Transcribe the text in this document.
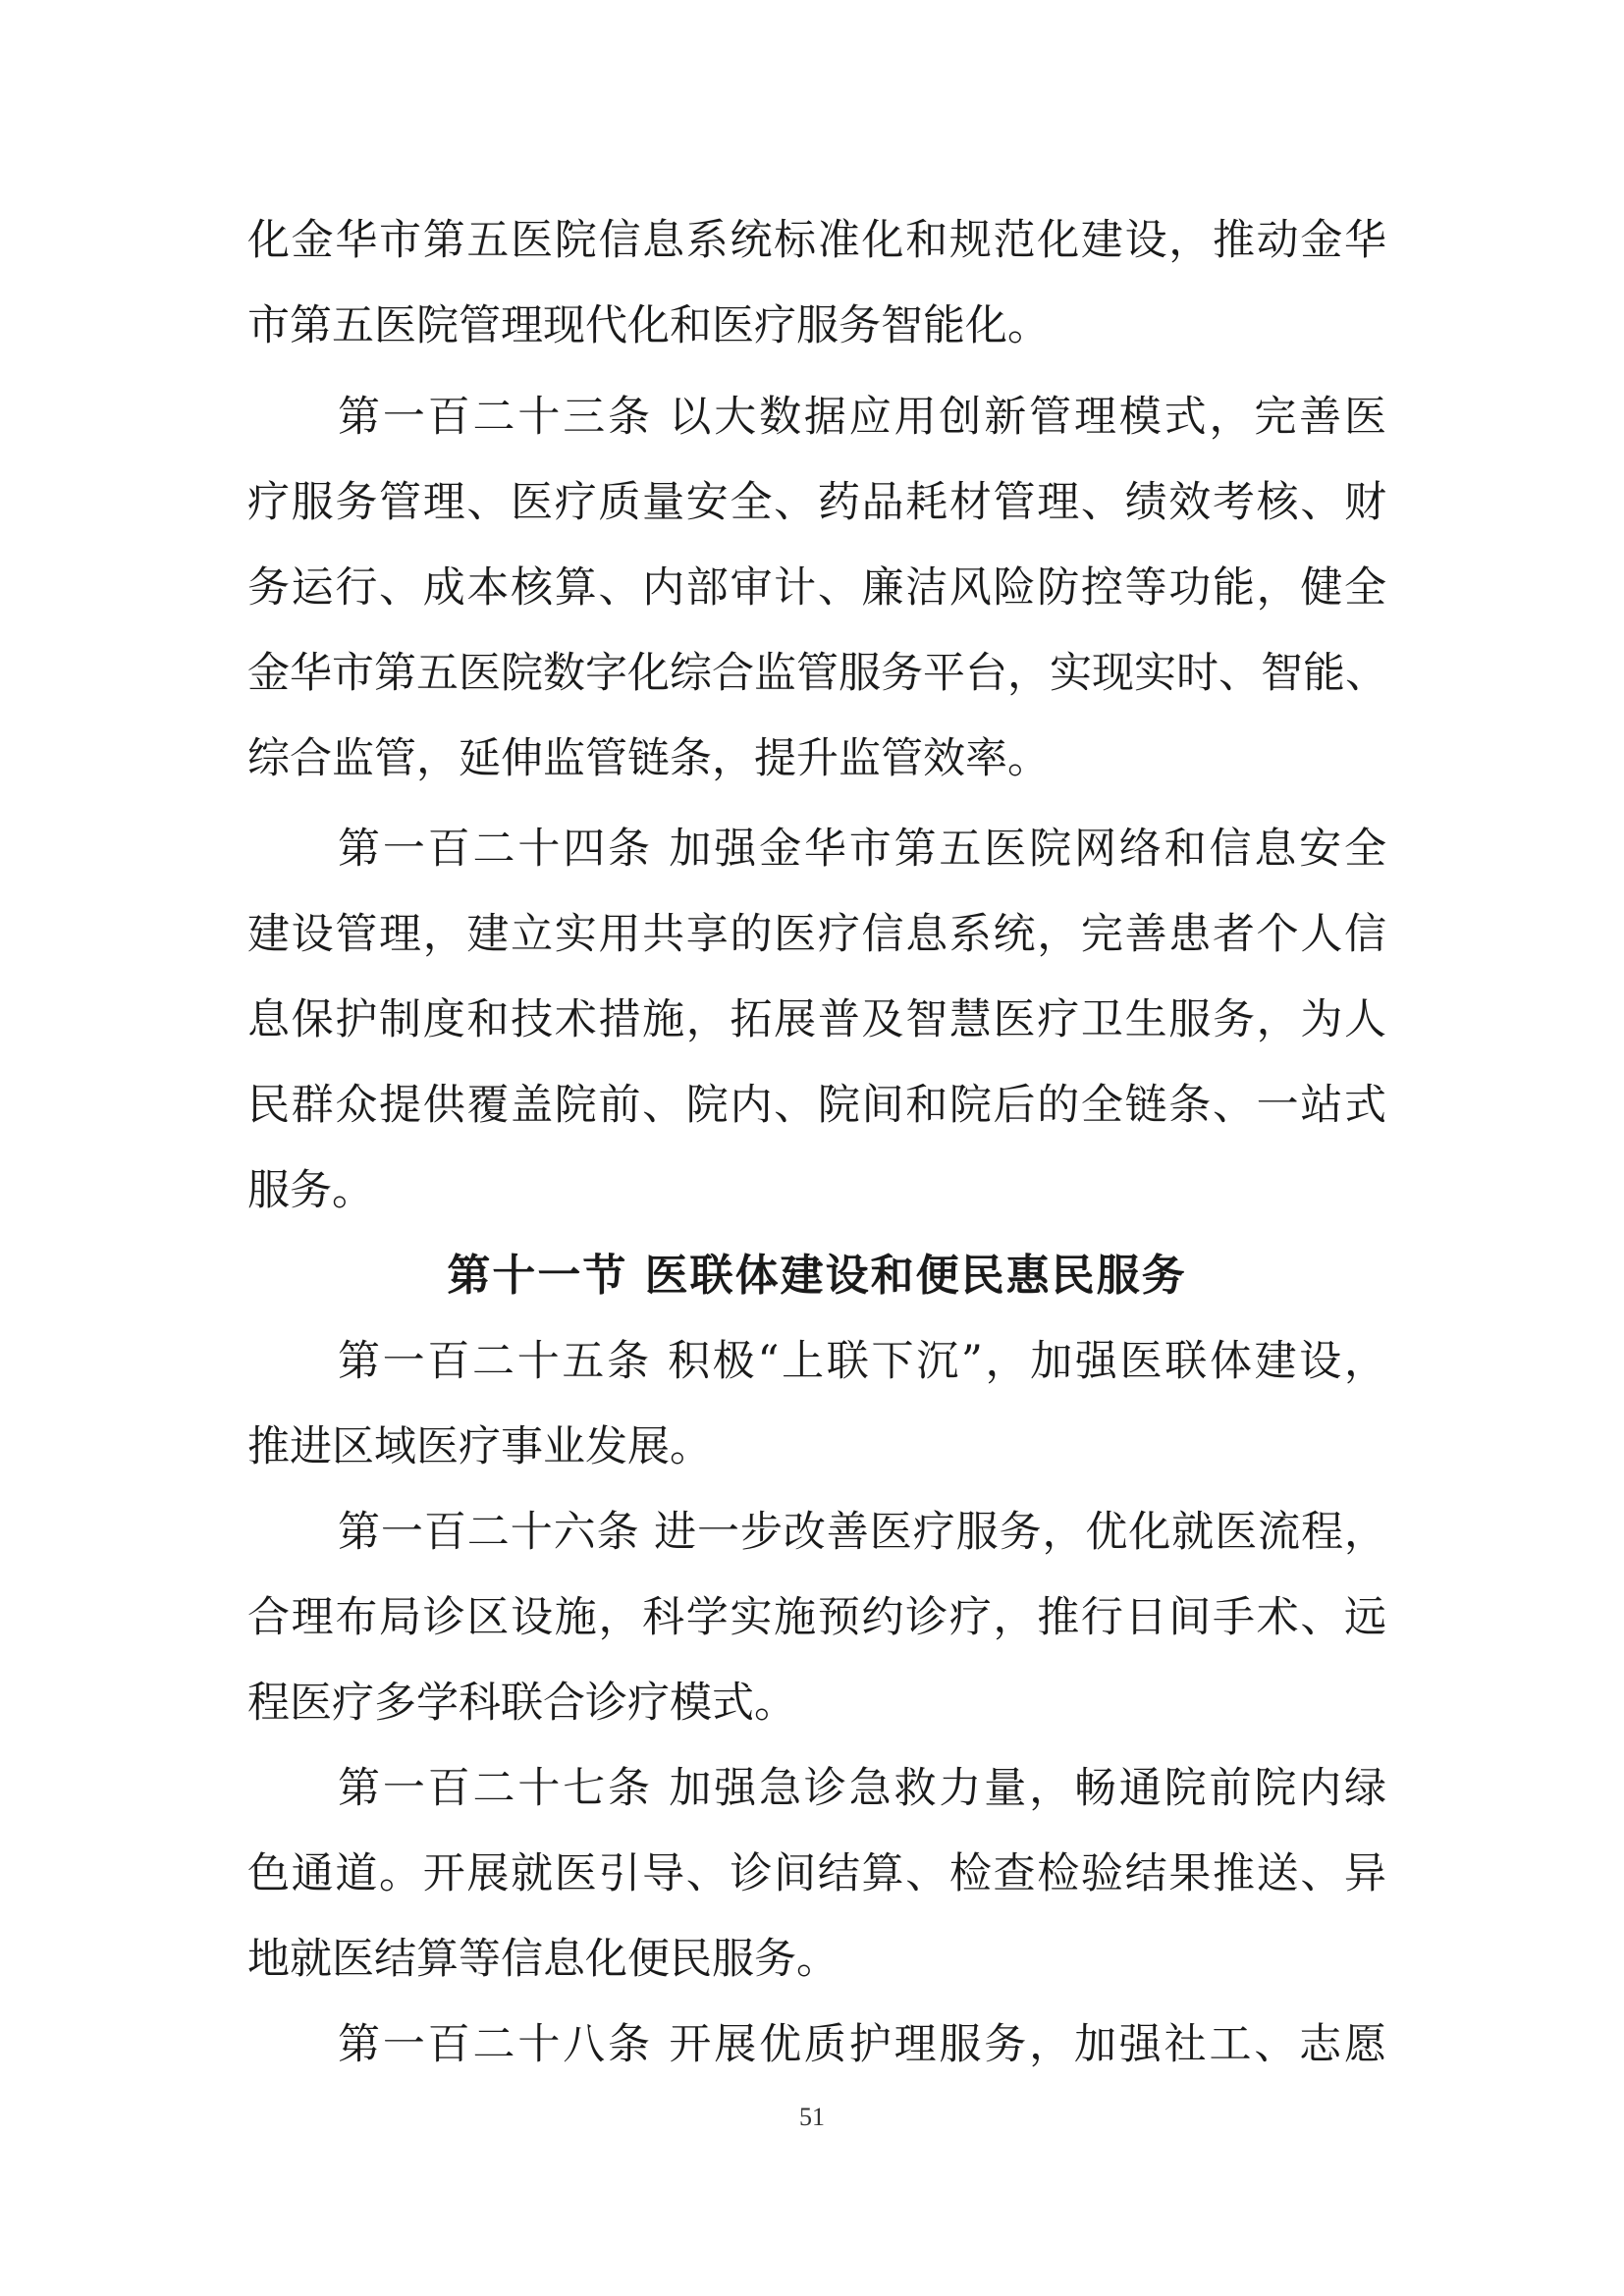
化金华市第五医院信息系统标准化和规范化建设，推动金华
市第五医院管理现代化和医疗服务智能化。
第一百二十三条 以大数据应用创新管理模式，完善医
疗服务管理、医疗质量安全、药品耗材管理、绩效考核、财
务运行、成本核算、内部审计、廉洁风险防控等功能，健全
金华市第五医院数字化综合监管服务平台，实现实时、智能、
综合监管，延伸监管链条，提升监管效率。
第一百二十四条 加强金华市第五医院网络和信息安全
建设管理，建立实用共享的医疗信息系统，完善患者个人信
息保护制度和技术措施，拓展普及智慧医疗卫生服务，为人
民群众提供覆盖院前、院内、院间和院后的全链条、一站式
服务。
第十一节 医联体建设和便民惠民服务
第一百二十五条 积极“上联下沉”，加强医联体建设，
推进区域医疗事业发展。
第一百二十六条 进一步改善医疗服务，优化就医流程，
合理布局诊区设施，科学实施预约诊疗，推行日间手术、远
程医疗多学科联合诊疗模式。
第一百二十七条 加强急诊急救力量，畅通院前院内绿
色通道。开展就医引导、诊间结算、检查检验结果推送、异
地就医结算等信息化便民服务。
第一百二十八条 开展优质护理服务，加强社工、志愿
51
